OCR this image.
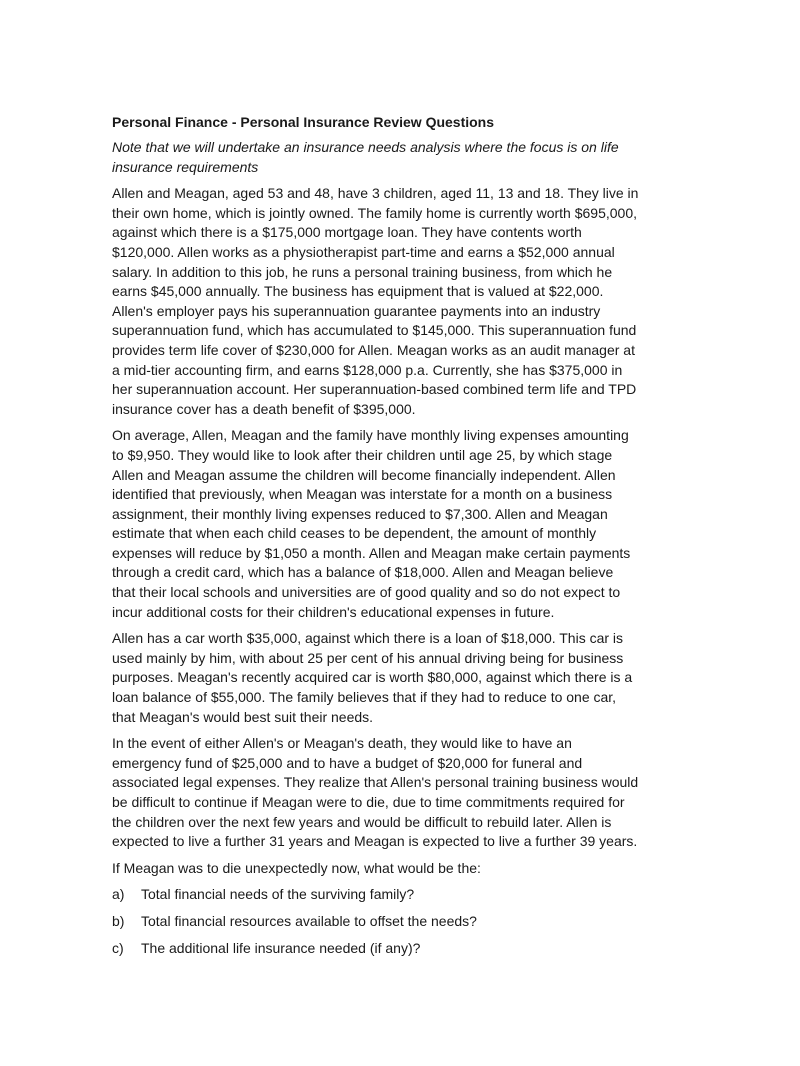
Personal Finance - Personal Insurance Review Questions
Note that we will undertake an insurance needs analysis where the focus is on life insurance requirements

Allen and Meagan, aged 53 and 48, have 3 children, aged 11, 13 and 18. They live in their own home, which is jointly owned. The family home is currently worth $695,000, against which there is a $175,000 mortgage loan. They have contents worth $120,000. Allen works as a physiotherapist part-time and earns a $52,000 annual salary. In addition to this job, he runs a personal training business, from which he earns $45,000 annually. The business has equipment that is valued at $22,000. Allen's employer pays his superannuation guarantee payments into an industry superannuation fund, which has accumulated to $145,000. This superannuation fund provides term life cover of $230,000 for Allen. Meagan works as an audit manager at a mid-tier accounting firm, and earns $128,000 p.a. Currently, she has $375,000 in her superannuation account. Her superannuation-based combined term life and TPD insurance cover has a death benefit of $395,000.

On average, Allen, Meagan and the family have monthly living expenses amounting to $9,950. They would like to look after their children until age 25, by which stage Allen and Meagan assume the children will become financially independent. Allen identified that previously, when Meagan was interstate for a month on a business assignment, their monthly living expenses reduced to $7,300. Allen and Meagan estimate that when each child ceases to be dependent, the amount of monthly expenses will reduce by $1,050 a month. Allen and Meagan make certain payments through a credit card, which has a balance of $18,000. Allen and Meagan believe that their local schools and universities are of good quality and so do not expect to incur additional costs for their children's educational expenses in future.

Allen has a car worth $35,000, against which there is a loan of $18,000. This car is used mainly by him, with about 25 per cent of his annual driving being for business purposes. Meagan's recently acquired car is worth $80,000, against which there is a loan balance of $55,000. The family believes that if they had to reduce to one car, that Meagan's would best suit their needs.

In the event of either Allen's or Meagan's death, they would like to have an emergency fund of $25,000 and to have a budget of $20,000 for funeral and associated legal expenses. They realize that Allen's personal training business would be difficult to continue if Meagan were to die, due to time commitments required for the children over the next few years and would be difficult to rebuild later. Allen is expected to live a further 31 years and Meagan is expected to live a further 39 years.

If Meagan was to die unexpectedly now, what would be the:

a)	Total financial needs of the surviving family?
b)	Total financial resources available to offset the needs?
c)	The additional life insurance needed (if any)?
